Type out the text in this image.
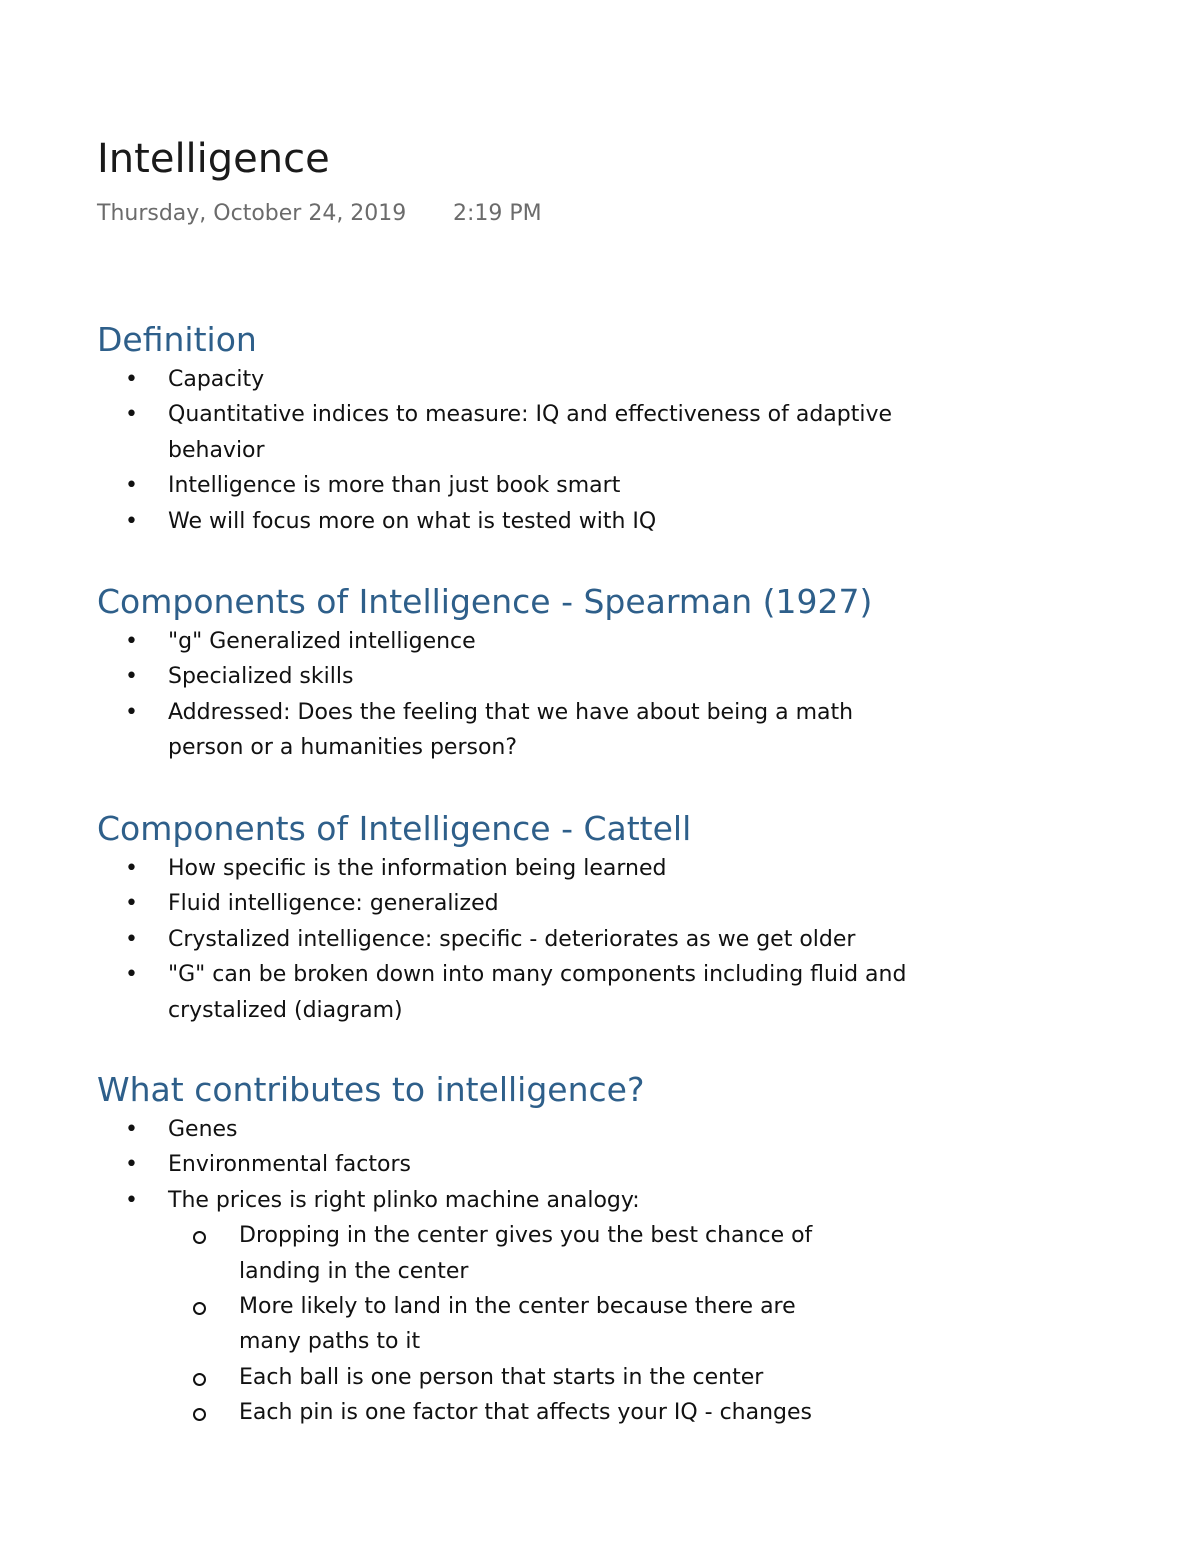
Intelligence
Thursday, October 24, 2019 2:19 PM
Definition
• Capacity
• Quantitative indices to measure: IQ and effectiveness of adaptive behavior
• Intelligence is more than just book smart
• We will focus more on what is tested with IQ
Components of Intelligence - Spearman (1927)
• "g" Generalized intelligence
• Specialized skills
• Addressed: Does the feeling that we have about being a math person or a humanities person?
Components of Intelligence - Cattell
• How specific is the information being learned
• Fluid intelligence: generalized
• Crystalized intelligence: specific - deteriorates as we get older
• "G" can be broken down into many components including fluid and crystalized (diagram)
What contributes to intelligence?
• Genes
• Environmental factors
• The prices is right plinko machine analogy:
Dropping in the center gives you the best chance of landing in the center
More likely to land in the center because there are many paths to it
Each ball is one person that starts in the center
Each pin is one factor that affects your IQ - changes
